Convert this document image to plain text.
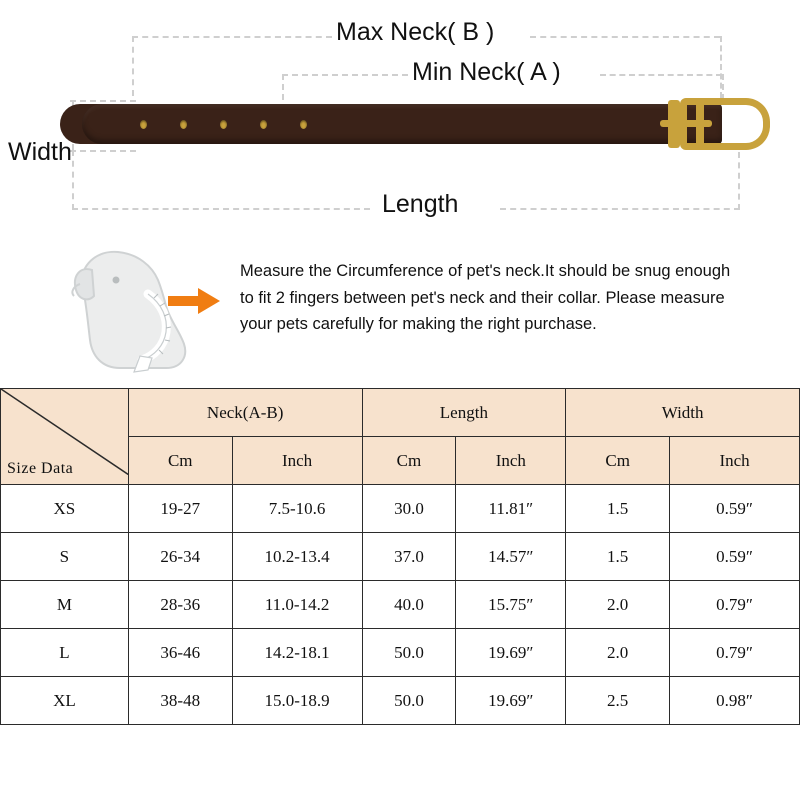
Max Neck( B )
Min Neck( A )
Width
Length
Measure the Circumference of pet's neck.It should be snug enough to fit 2 fingers between pet's neck and their collar. Please measure your pets carefully for making the right purchase.
Size Data	Neck(A-B)		Length		Width	
	Cm	Inch	Cm	Inch	Cm	Inch
XS	19-27	7.5-10.6	30.0	11.81″	1.5	0.59″
S	26-34	10.2-13.4	37.0	14.57″	1.5	0.59″
M	28-36	11.0-14.2	40.0	15.75″	2.0	0.79″
L	36-46	14.2-18.1	50.0	19.69″	2.0	0.79″
XL	38-48	15.0-18.9	50.0	19.69″	2.5	0.98″
